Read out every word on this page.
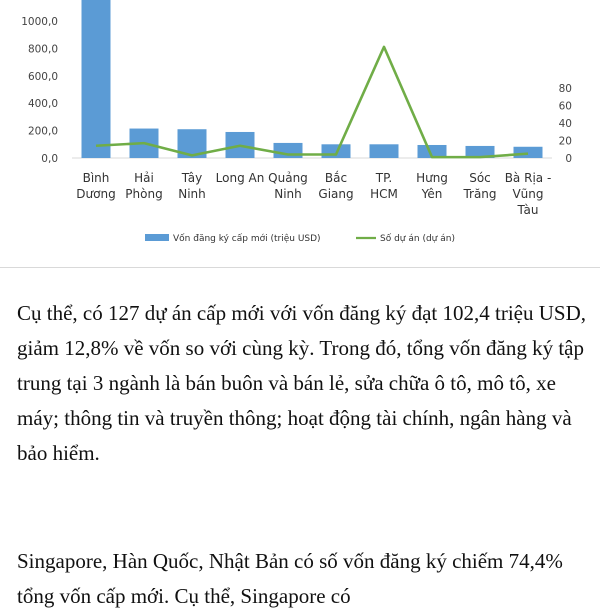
0,0
200,0
400,0
600,0
800,0
1000,0
0
20
40
60
80
Bình Dương
Hải Phòng
Tây Ninh
Long An Quảng Ninh
Bắc Giang
TP. HCM
Hưng Yên
Sóc Trăng
Bà Rịa -Vũng Tàu
Vốn đăng ký cấp mới (triệu USD)	Số dự án (dự án)

Cụ thể, có 127 dự án cấp mới với vốn đăng ký đạt 102,4 triệu USD, giảm 12,8% về vốn so với cùng kỳ. Trong đó, tổng vốn đăng ký tập trung tại 3 ngành là bán buôn và bán lẻ, sửa chữa ô tô, mô tô, xe máy; thông tin và truyền thông; hoạt động tài chính, ngân hàng và bảo hiểm.

Singapore, Hàn Quốc, Nhật Bản có số vốn đăng ký chiếm 74,4% tổng vốn cấp mới. Cụ thể, Singapore có
